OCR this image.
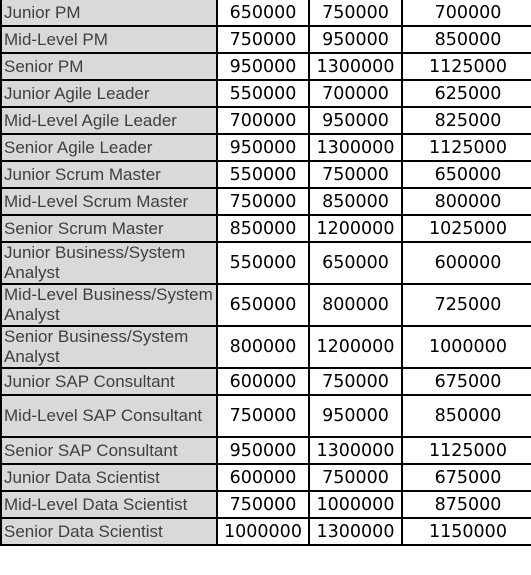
Junior PM	650000	750000	700000
Mid-Level PM	750000	950000	850000
Senior PM	950000	1300000	1125000
Junior Agile Leader	550000	700000	625000
Mid-Level Agile Leader	700000	950000	825000
Senior Agile Leader	950000	1300000	1125000
Junior Scrum Master	550000	750000	650000
Mid-Level Scrum Master	750000	850000	800000
Senior Scrum Master	850000	1200000	1025000
Junior Business/System Analyst	550000	650000	600000
Mid-Level Business/System Analyst	650000	800000	725000
Senior Business/System Analyst	800000	1200000	1000000
Junior SAP Consultant	600000	750000	675000
Mid-Level SAP Consultant	750000	950000	850000
Senior SAP Consultant	950000	1300000	1125000
Junior Data Scientist	600000	750000	675000
Mid-Level Data Scientist	750000	1000000	875000
Senior Data Scientist	1000000	1300000	1150000
